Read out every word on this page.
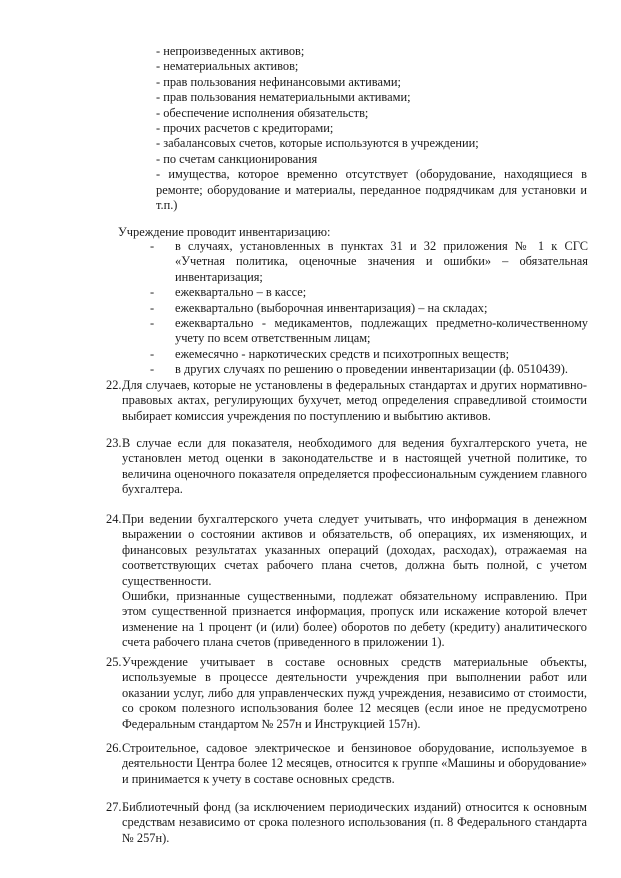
- непроизведенных активов;
- нематериальных активов;
- прав пользования нефинансовыми активами;
- прав пользования нематериальными активами;
- обеспечение исполнения обязательств;
- прочих расчетов с кредиторами;
- забалансовых счетов, которые используются в учреждении;
- по счетам санкционирования
- имущества, которое временно отсутствует (оборудование, находящиеся в ремонте; оборудование и материалы, переданное подрядчикам для установки и т.п.)
Учреждение проводит инвентаризацию:
- в случаях, установленных в пунктах 31 и 32 приложения № 1 к СГС «Учетная политика, оценочные значения и ошибки» – обязательная инвентаризация;
- ежеквартально – в кассе;
- ежеквартально (выборочная инвентаризация) – на складах;
- ежеквартально - медикаментов, подлежащих предметно-количественному учету по всем ответственным лицам;
- ежемесячно - наркотических средств и психотропных веществ;
- в других случаях по решению о проведении инвентаризации (ф. 0510439).
22. Для случаев, которые не установлены в федеральных стандартах и других нормативно-правовых актах, регулирующих бухучет, метод определения справедливой стоимости выбирает комиссия учреждения по поступлению и выбытию активов.

23. В случае если для показателя, необходимого для ведения бухгалтерского учета, не установлен метод оценки в законодательстве и в настоящей учетной политике, то величина оценочного показателя определяется профессиональным суждением главного бухгалтера.

24. При ведении бухгалтерского учета следует учитывать, что информация в денежном выражении о состоянии активов и обязательств, об операциях, их изменяющих, и финансовых результатах указанных операций (доходах, расходах), отражаемая на соответствующих счетах рабочего плана счетов, должна быть полной, с учетом существенности.

Ошибки, признанные существенными, подлежат обязательному исправлению. При этом существенной признается информация, пропуск или искажение которой влечет изменение на 1 процент (и (или) более) оборотов по дебету (кредиту) аналитического счета рабочего плана счетов (приведенного в приложении 1).

25. Учреждение учитывает в составе основных средств материальные объекты, используемые в процессе деятельности учреждения при выполнении работ или оказании услуг, либо для управленческих пужд учреждения, независимо от стоимости, со сроком полезного использования более 12 месяцев (если иное не предусмотрено Федеральным стандартом № 257н и Инструкцией 157н).

26. Строительное, садовое электрическое и бензиновое оборудование, используемое в деятельности Центра более 12 месяцев, относится к группе «Машины и оборудование» и принимается к учету в составе основных средств.

27. Библиотечный фонд (за исключением периодических изданий) относится к основным средствам независимо от срока полезного использования (п. 8 Федерального стандарта № 257н).
